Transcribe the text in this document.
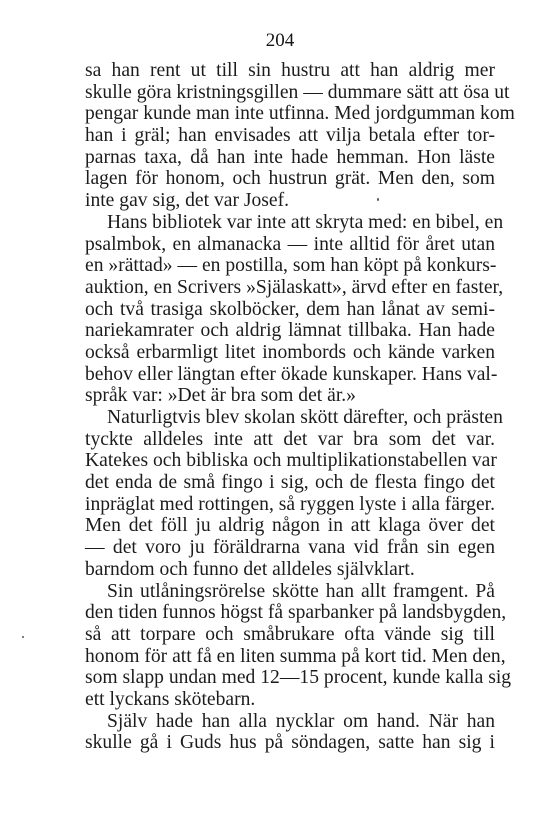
204
sa han rent ut till sin hustru att han aldrig mer
skulle göra kristningsgillen — dummare sätt att ösa ut
pengar kunde man inte utfinna. Med jordgumman kom
han i gräl; han envisades att vilja betala efter tor-
parnas taxa, då han inte hade hemman. Hon läste
lagen för honom, och hustrun grät. Men den, som
inte gav sig, det var Josef.
Hans bibliotek var inte att skryta med: en bibel, en
psalmbok, en almanacka — inte alltid för året utan
en »rättad» — en postilla, som han köpt på konkurs-
auktion, en Scrivers »Själaskatt», ärvd efter en faster,
och två trasiga skolböcker, dem han lånat av semi-
nariekamrater och aldrig lämnat tillbaka. Han hade
också erbarmligt litet inombords och kände varken
behov eller längtan efter ökade kunskaper. Hans val-
språk var: »Det är bra som det är.»
Naturligtvis blev skolan skött därefter, och prästen
tyckte alldeles inte att det var bra som det var.
Katekes och bibliska och multiplikationstabellen var
det enda de små fingo i sig, och de flesta fingo det
inpräglat med rottingen, så ryggen lyste i alla färger.
Men det föll ju aldrig någon in att klaga över det
— det voro ju föräldrarna vana vid från sin egen
barndom och funno det alldeles självklart.
Sin utlåningsrörelse skötte han allt framgent. På
den tiden funnos högst få sparbanker på landsbygden,
så att torpare och småbrukare ofta vände sig till
honom för att få en liten summa på kort tid. Men den,
som slapp undan med 12—15 procent, kunde kalla sig
ett lyckans skötebarn.
Själv hade han alla nycklar om hand. När han
skulle gå i Guds hus på söndagen, satte han sig i
